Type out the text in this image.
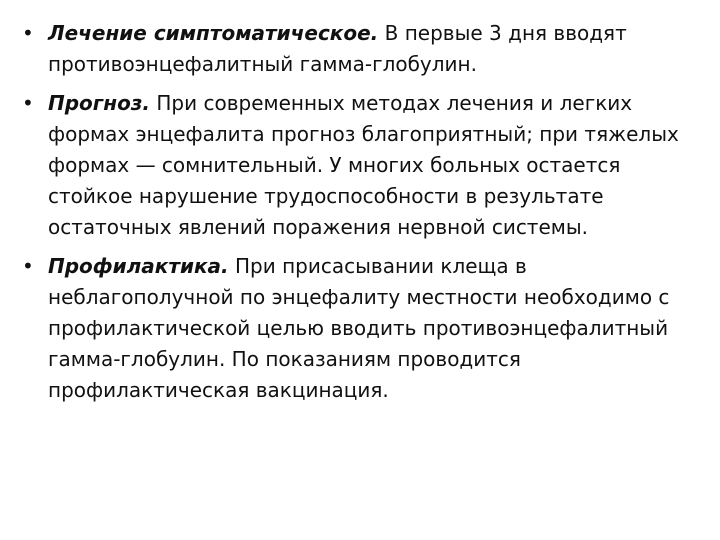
• Лечение симптоматическое. В первые 3 дня вводят противоэнцефалитный гамма-глобулин.
• Прогноз. При современных методах лечения и легких формах энцефалита прогноз благоприятный; при тяжелых формах — сомнительный. У многих больных остается стойкое нарушение трудоспособности в результате остаточных явлений поражения нервной системы.
• Профилактика. При присасывании клеща в неблагополучной по энцефалиту местности необходимо с профилактической целью вводить противоэнцефалитный гамма-глобулин. По показаниям проводится профилактическая вакцинация.
